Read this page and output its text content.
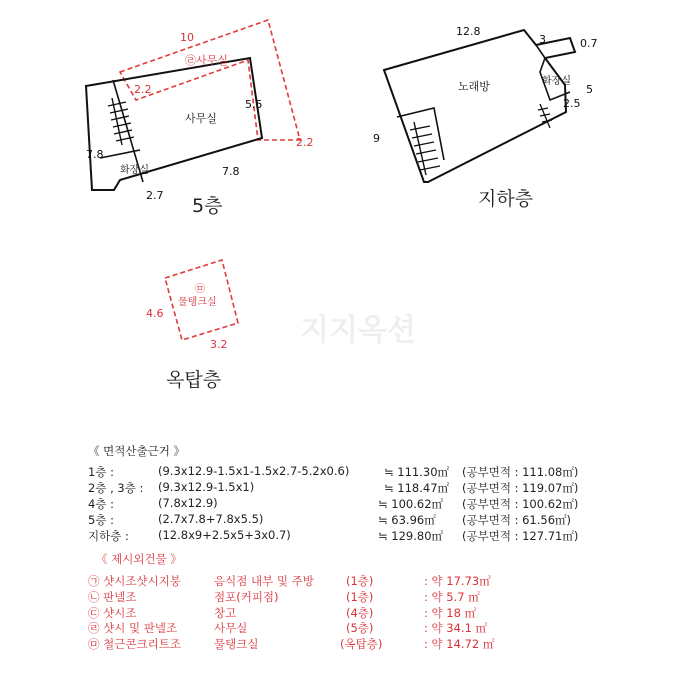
10
㉣사무실
2.2
사무실
5.5
2.2
7.8
화장실	7.8
2.7 5층
12.8
3	0.7
노래방	화장실
5
2.5
9
지하층
㉤
물탱크실
4.6
3.2
옥탑층
지지옥션
《 면적산출근거 》
1층 :	(9.3x12.9-1.5x1-1.5x2.7-5.2x0.6)	≒ 111.30㎡ (공부면적 : 111.08㎡)
2층 , 3층 : (9.3x12.9-1.5x1)	≒ 118.47㎡ (공부면적 : 119.07㎡)
4층 :	(7.8x12.9)	≒ 100.62㎡ (공부면적 : 100.62㎡)
5층 :	(2.7x7.8+7.8x5.5)	≒ 63.96㎡ (공부면적 : 61.56㎡)
지하층 :	(12.8x9+2.5x5+3x0.7)	≒ 129.80㎡ (공부면적 : 127.71㎡)
《 제시외건물 》
㉠ 샷시조샷시지붕	음식점 내부 및 주방	(1층)	: 약 17.73㎡
㉡ 판넬조	점포(커피점)	(1층)	: 약 5.7 ㎡
㉢ 샷시조	창고	(4층)	: 약 18 ㎡
㉣ 샷시 및 판넬조	사무실	(5층)	: 약 34.1 ㎡
㉤ 철근콘크리트조	물탱크실	(옥탑층)	: 약 14.72 ㎡
